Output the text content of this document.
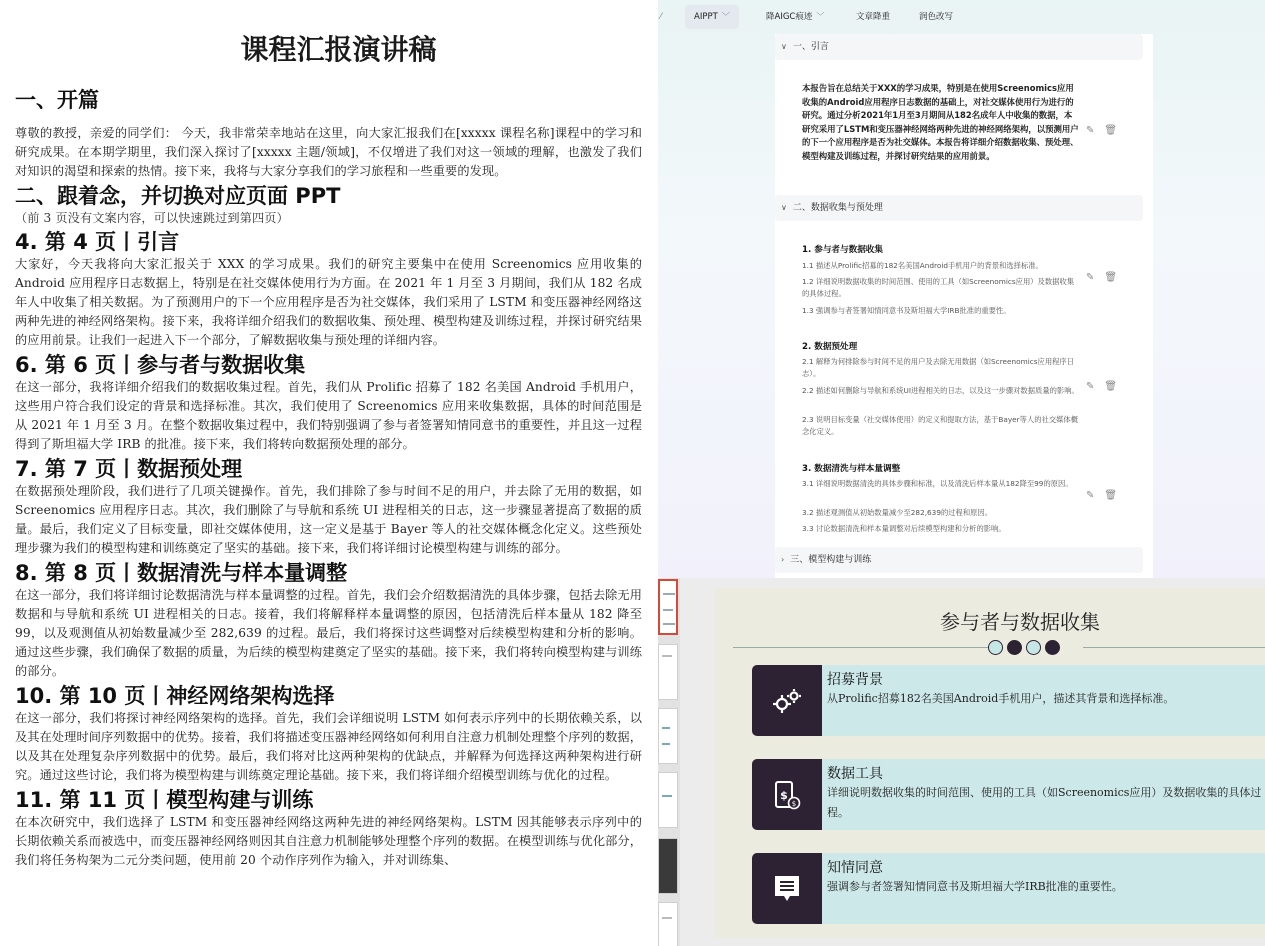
课程汇报演讲稿
一、开篇

尊敬的教授，亲爱的同学们： 今天，我非常荣幸地站在这里，向大家汇报我们在[xxxxx 课程名称]课程中的学习和研究成果。在本期学期里，我们深入探讨了[xxxxx 主题/领域]，不仅增进了我们对这一领域的理解，也激发了我们对知识的渴望和探索的热情。接下来，我将与大家分享我们的学习旅程和一些重要的发现。

二、跟着念，并切换对应页面 PPT

（前 3 页没有文案内容，可以快速跳过到第四页）

4. 第 4 页丨引言

大家好，今天我将向大家汇报关于 XXX 的学习成果。我们的研究主要集中在使用 Screenomics 应用收集的 Android 应用程序日志数据上，特别是在社交媒体使用行为方面。在 2021 年 1 月至 3 月期间，我们从 182 名成年人中收集了相关数据。为了预测用户的下一个应用程序是否为社交媒体，我们采用了 LSTM 和变压器神经网络这两种先进的神经网络架构。接下来，我将详细介绍我们的数据收集、预处理、模型构建及训练过程，并探讨研究结果的应用前景。让我们一起进入下一个部分，了解数据收集与预处理的详细内容。

6. 第 6 页丨参与者与数据收集

在这一部分，我将详细介绍我们的数据收集过程。首先，我们从 Prolific 招募了 182 名美国 Android 手机用户，这些用户符合我们设定的背景和选择标准。其次，我们使用了 Screenomics 应用来收集数据，具体的时间范围是从 2021 年 1 月至 3 月。在整个数据收集过程中，我们特别强调了参与者签署知情同意书的重要性，并且这一过程得到了斯坦福大学 IRB 的批准。接下来，我们将转向数据预处理的部分。

7. 第 7 页丨数据预处理

在数据预处理阶段，我们进行了几项关键操作。首先，我们排除了参与时间不足的用户，并去除了无用的数据，如 Screenomics 应用程序日志。其次，我们删除了与导航和系统 UI 进程相关的日志，这一步骤显著提高了数据的质量。最后，我们定义了目标变量，即社交媒体使用，这一定义是基于 Bayer 等人的社交媒体概念化定义。这些预处理步骤为我们的模型构建和训练奠定了坚实的基础。接下来，我们将详细讨论模型构建与训练的部分。

8. 第 8 页丨数据清洗与样本量调整

在这一部分，我们将详细讨论数据清洗与样本量调整的过程。首先，我们会介绍数据清洗的具体步骤，包括去除无用数据和与导航和系统 UI 进程相关的日志。接着，我们将解释样本量调整的原因，包括清洗后样本量从 182 降至 99，以及观测值从初始数量减少至 282,639 的过程。最后，我们将探讨这些调整对后续模型构建和分析的影响。通过这些步骤，我们确保了数据的质量，为后续的模型构建奠定了坚实的基础。接下来，我们将转向模型构建与训练的部分。

10. 第 10 页丨神经网络架构选择

在这一部分，我们将探讨神经网络架构的选择。首先，我们会详细说明 LSTM 如何表示序列中的长期依赖关系，以及其在处理时间序列数据中的优势。接着，我们将描述变压器神经网络如何利用自注意力机制处理整个序列的数据，以及其在处理复杂序列数据中的优势。最后，我们将对比这两种架构的优缺点，并解释为何选择这两种架构进行研究。通过这些讨论，我们将为模型构建与训练奠定理论基础。接下来，我们将详细介绍模型训练与优化的过程。

11. 第 11 页丨模型构建与训练

在本次研究中，我们选择了 LSTM 和变压器神经网络这两种先进的神经网络架构。LSTM 因其能够表示序列中的长期依赖关系而被选中，而变压器神经网络则因其自注意力机制能够处理整个序列的数据。在模型训练与优化部分，我们将任务构架为二元分类问题，使用前 20 个动作序列作为输入，并对训练集、

⁄	AIPPT ﹀	降AIGC痕迹 ﹀	文章降重	润色改写
∨ 一、引言
本报告旨在总结关于XXX的学习成果，特别是在使用Screenomics应用收集的Android应用程序日志数据的基础上，对社交媒体使用行为进行的研究。通过分析2021年1月至3月期间从182名成年人中收集的数据，本研究采用了LSTM和变压器神经网络两种先进的神经网络架构，以预测用户的下一个应用程序是否为社交媒体。本报告将详细介绍数据收集、预处理、模型构建及训练过程，并探讨研究结果的应用前景。
✎ 🗑
∨ 二、数据收集与预处理
1. 参与者与数据收集
1.1 描述从Prolific招募的182名美国Android手机用户的背景和选择标准。
1.2 详细说明数据收集的时间范围、使用的工具（如Screenomics应用）及数据收集的具体过程。
1.3 强调参与者签署知情同意书及斯坦福大学IRB批准的重要性。
✎ 🗑
2. 数据预处理
2.1 解释为何排除参与时间不足的用户及去除无用数据（如Screenomics应用程序日志）。
2.2 描述如何删除与导航和系统UI进程相关的日志，以及这一步骤对数据质量的影响。
2.3 说明目标变量（社交媒体使用）的定义和提取方法，基于Bayer等人的社交媒体概念化定义。
✎ 🗑
3. 数据清洗与样本量调整
3.1 详细说明数据清洗的具体步骤和标准，以及清洗后样本量从182降至99的原因。
3.2 描述观测值从初始数量减少至282,639的过程和原因。
3.3 讨论数据清洗和样本量调整对后续模型构建和分析的影响。
✎ 🗑
› 三、模型构建与训练
参与者与数据收集
招募背景
从Prolific招募182名美国Android手机用户，描述其背景和选择标准。
$
$
数据工具
详细说明数据收集的时间范围、使用的工具（如Screenomics应用）及数据收集的具体过程。
知情同意
强调参与者签署知情同意书及斯坦福大学IRB批准的重要性。
